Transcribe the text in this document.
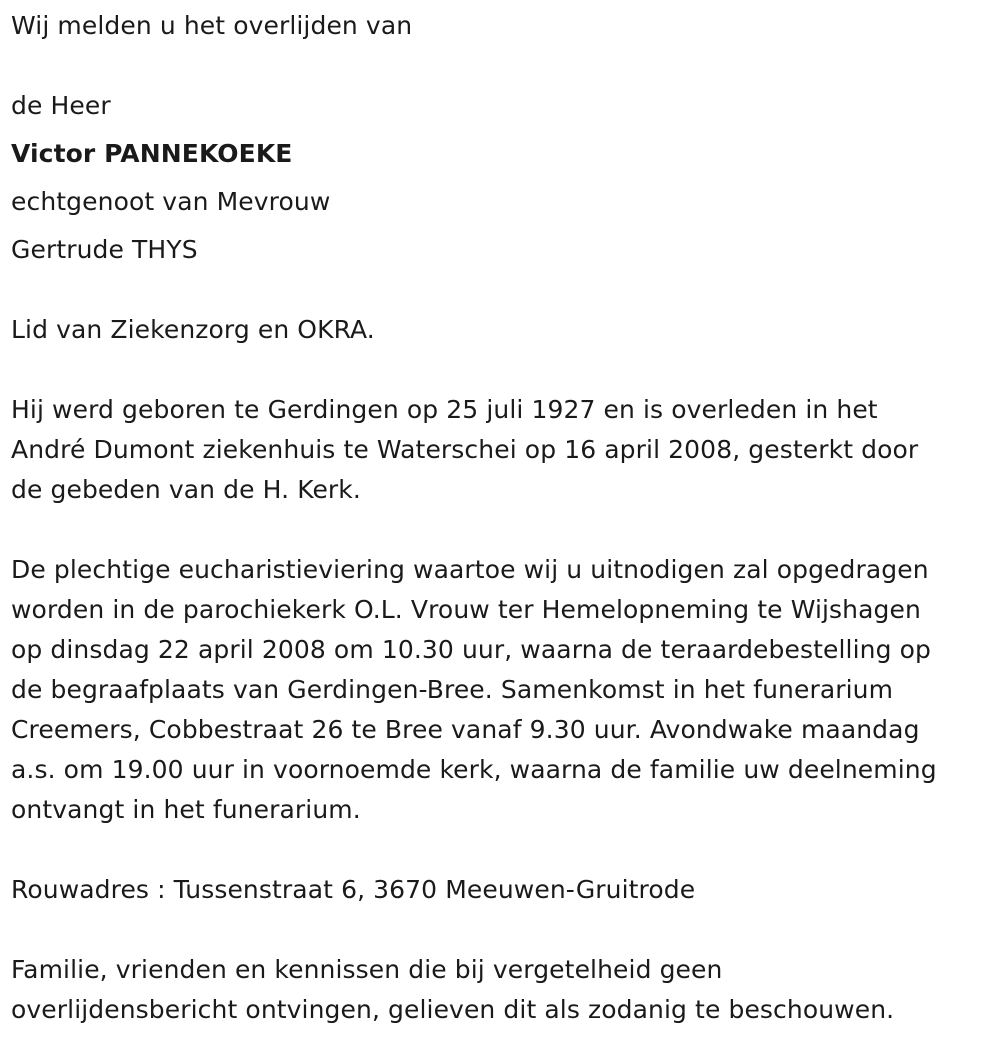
Wij melden u het overlijden van
de Heer
Victor PANNEKOEKE
echtgenoot van Mevrouw
Gertrude THYS
Lid van Ziekenzorg en OKRA.
Hij werd geboren te Gerdingen op 25 juli 1927 en is overleden in het
André Dumont ziekenhuis te Waterschei op 16 april 2008, gesterkt door
de gebeden van de H. Kerk.
De plechtige eucharistieviering waartoe wij u uitnodigen zal opgedragen
worden in de parochiekerk O.L. Vrouw ter Hemelopneming te Wijshagen
op dinsdag 22 april 2008 om 10.30 uur, waarna de teraardebestelling op
de begraafplaats van Gerdingen-Bree. Samenkomst in het funerarium
Creemers, Cobbestraat 26 te Bree vanaf 9.30 uur. Avondwake maandag
a.s. om 19.00 uur in voornoemde kerk, waarna de familie uw deelneming
ontvangt in het funerarium.
Rouwadres : Tussenstraat 6, 3670 Meeuwen-Gruitrode
Familie, vrienden en kennissen die bij vergetelheid geen
overlijdensbericht ontvingen, gelieven dit als zodanig te beschouwen.
